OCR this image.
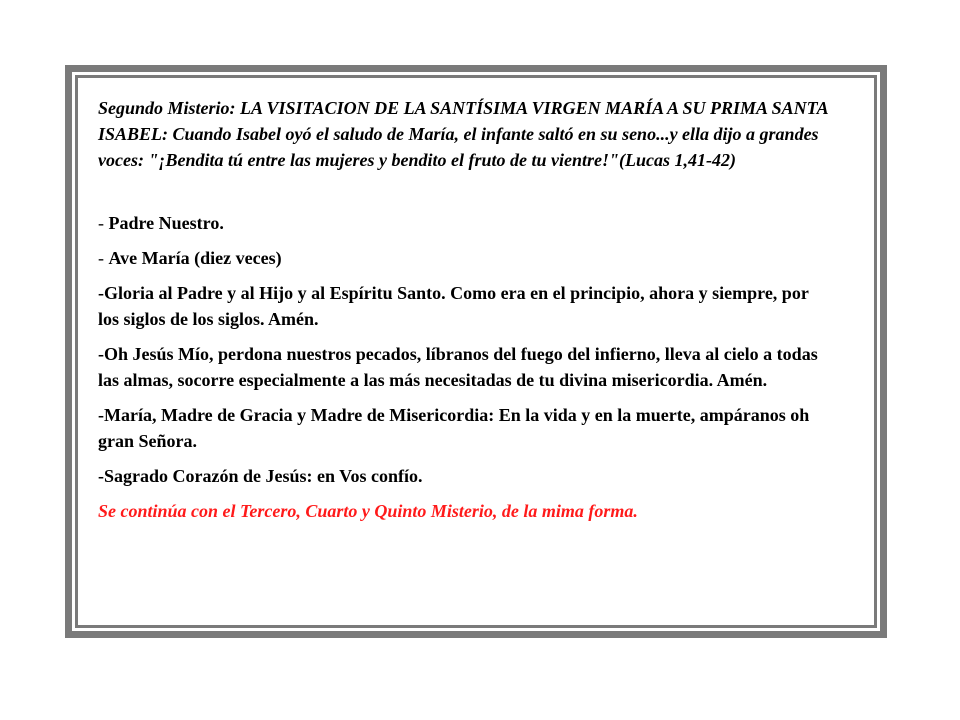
Segundo Misterio: LA VISITACION DE LA SANTÍSIMA VIRGEN MARÍA A SU PRIMA SANTA ISABEL: Cuando Isabel oyó el saludo de María, el infante saltó en su seno...y ella dijo a grandes voces: "¡Bendita tú entre las mujeres y bendito el fruto de tu vientre!"(Lucas 1,41-42)

- Padre Nuestro.

- Ave María (diez veces)

-Gloria al Padre y al Hijo y al Espíritu Santo. Como era en el principio, ahora y siempre, por los siglos de los siglos. Amén.

-Oh Jesús Mío, perdona nuestros pecados, líbranos del fuego del infierno, lleva al cielo a todas las almas, socorre especialmente a las más necesitadas de tu divina misericordia. Amén.

-María, Madre de Gracia y Madre de Misericordia: En la vida y en la muerte, ampáranos oh gran Señora.

-Sagrado Corazón de Jesús: en Vos confío.

Se continúa con el Tercero, Cuarto y Quinto Misterio, de la mima forma.
